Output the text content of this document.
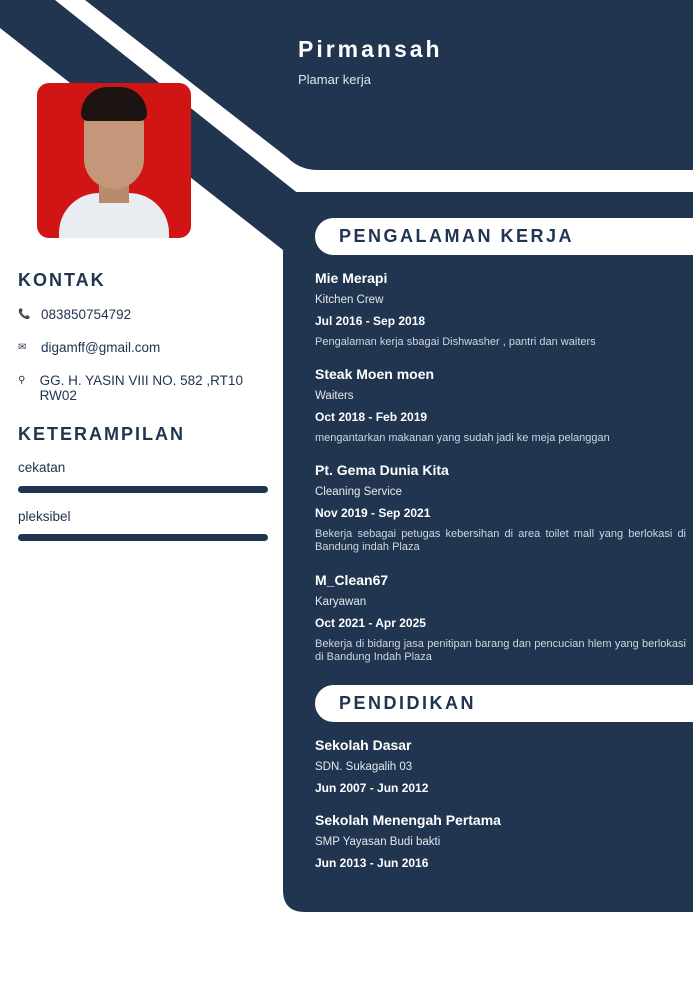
Pirmansah
Plamar kerja
KONTAK
📞 083850754792
✉	digamff@gmail.com
⚲	GG. H. YASIN VIII NO. 582 ,RT10 RW02
KETERAMPILAN
cekatan
pleksibel
PENGALAMAN KERJA
Mie Merapi
Kitchen Crew
Jul 2016 - Sep 2018
Pengalaman kerja sbagai Dishwasher , pantri dan waiters
Steak Moen moen
Waiters
Oct 2018 - Feb 2019
mengantarkan makanan yang sudah jadi ke meja pelanggan
Pt. Gema Dunia Kita
Cleaning Service
Nov 2019 - Sep 2021
Bekerja sebagai petugas kebersihan di area toilet mall yang berlokasi di Bandung indah Plaza
M_Clean67
Karyawan
Oct 2021 - Apr 2025
Bekerja di bidang jasa penitipan barang dan pencucian hlem yang berlokasi di Bandung Indah Plaza
PENDIDIKAN
Sekolah Dasar
SDN. Sukagalih 03
Jun 2007 - Jun 2012
Sekolah Menengah Pertama
SMP Yayasan Budi bakti
Jun 2013 - Jun 2016
